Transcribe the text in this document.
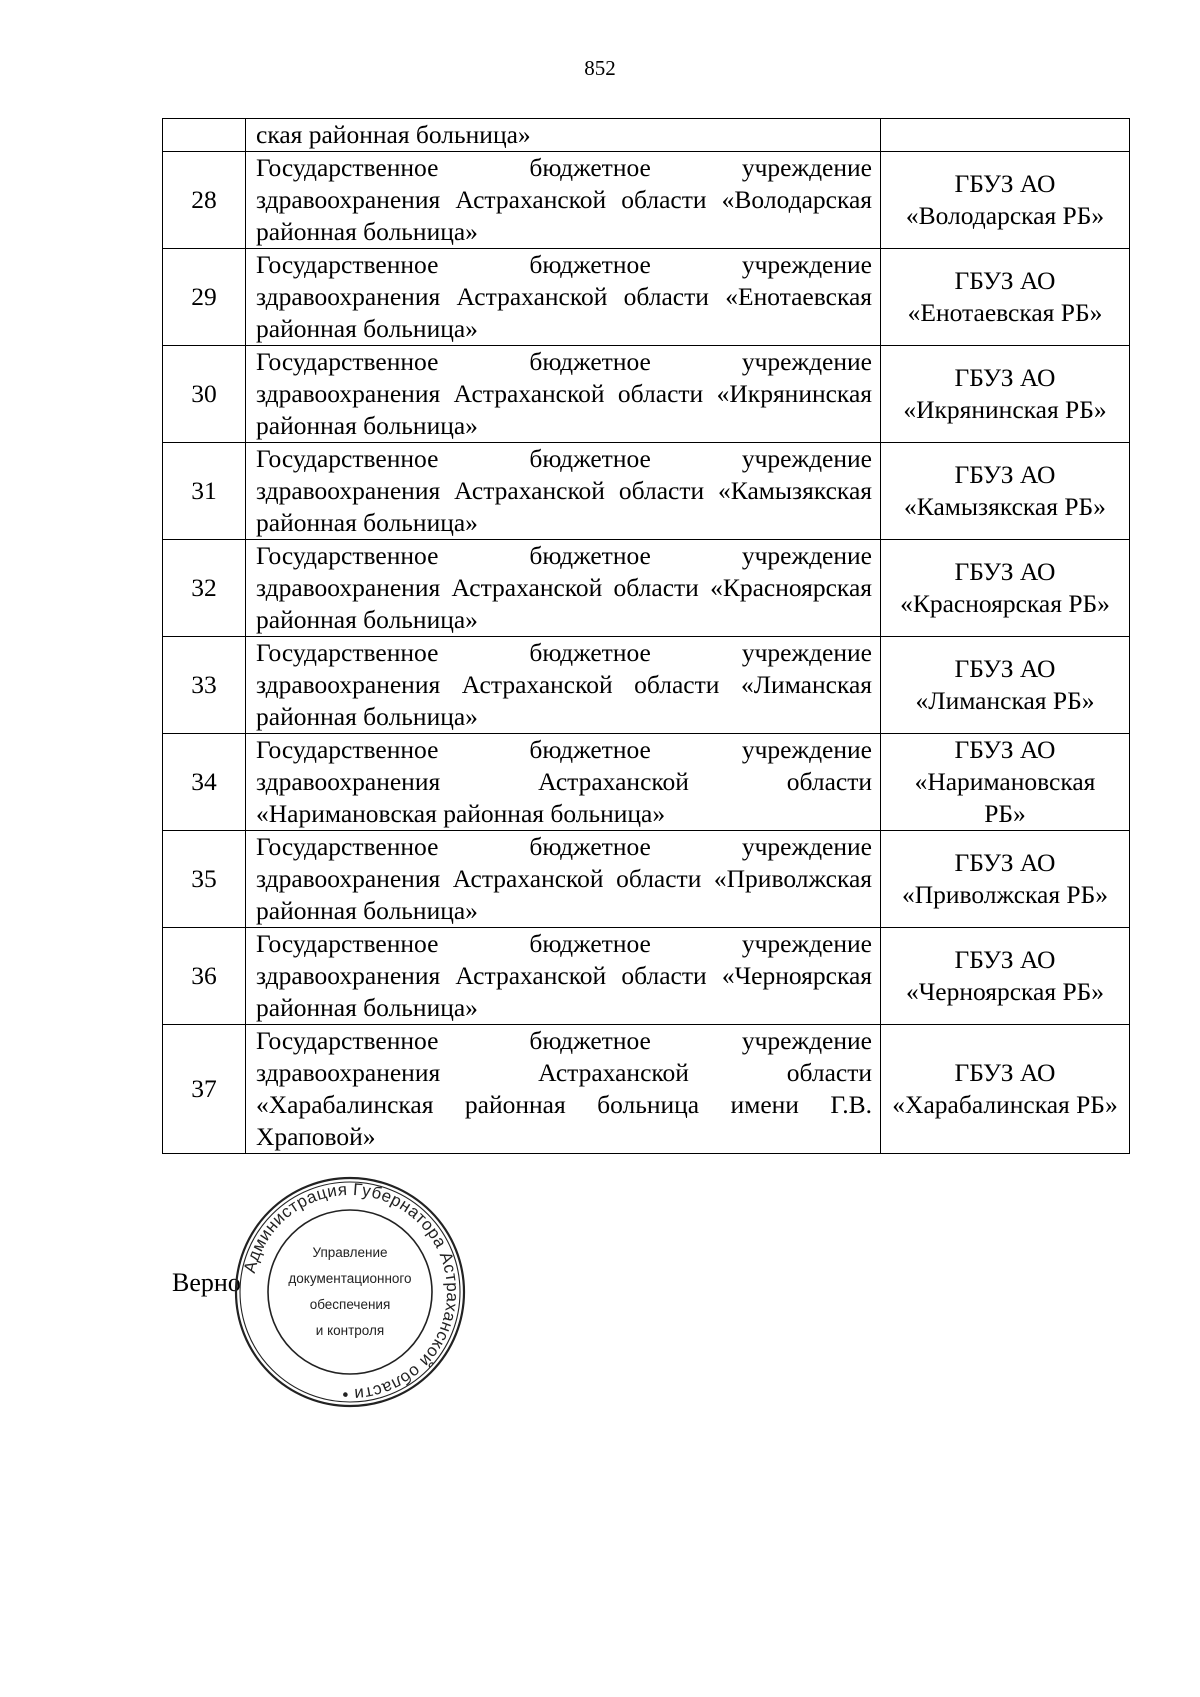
852
	ская районная больница»	
28	Государственное бюджетное учреждение здравоохранения Астраханской области «Володарская районная больница»	ГБУЗ АО «Володарская РБ»
29	Государственное бюджетное учреждение здравоохранения Астраханской области «Енотаевская районная больница»	ГБУЗ АО «Енотаевская РБ»
30	Государственное бюджетное учреждение здравоохранения Астраханской области «Икрянинская районная больница»	ГБУЗ АО «Икрянинская РБ»
31	Государственное бюджетное учреждение здравоохранения Астраханской области «Камызякская районная больница»	ГБУЗ АО «Камызякская РБ»
32	Государственное бюджетное учреждение здравоохранения Астраханской области «Красноярская районная больница»	ГБУЗ АО «Красноярская РБ»
33	Государственное бюджетное учреждение здравоохранения Астраханской области «Лиманская районная больница»	ГБУЗ АО «Лиманская РБ»
34	Государственное бюджетное учреждение здравоохранения Астраханской области «Наримановская районная больница»	ГБУЗ АО «Наримановская РБ»
35	Государственное бюджетное учреждение здравоохранения Астраханской области «Приволжская районная больница»	ГБУЗ АО «Приволжская РБ»
36	Государственное бюджетное учреждение здравоохранения Астраханской области «Черноярская районная больница»	ГБУЗ АО «Черноярская РБ»
37	Государственное бюджетное учреждение здравоохранения Астраханской области «Харабалинская районная больница имени Г.В. Храповой»	ГБУЗ АО «Харабалинская РБ»
Верно
Администрация Губернатора Астраханской области •
Управление
документационного
обеспечения
и контроля
